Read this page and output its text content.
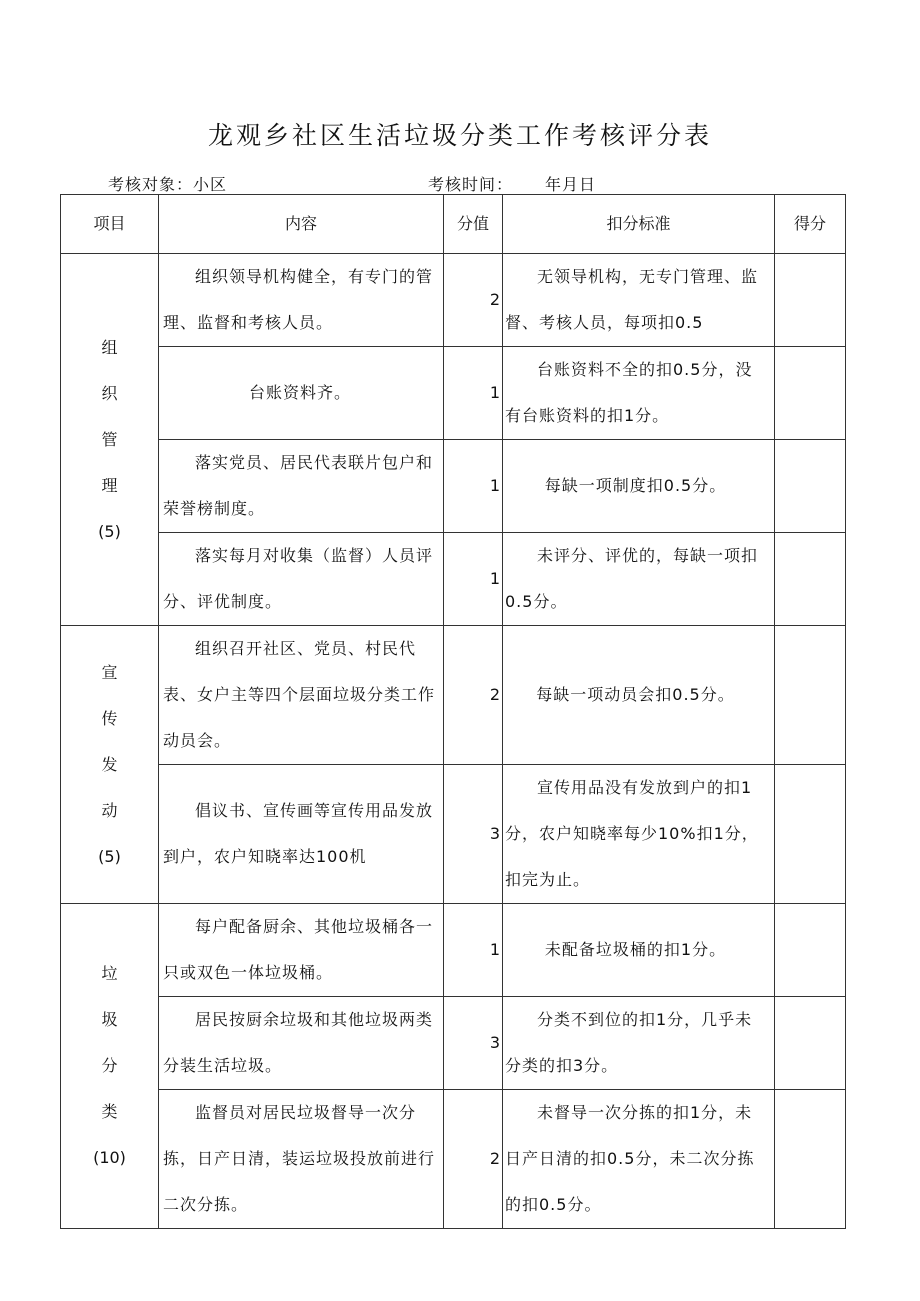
龙观乡社区生活垃圾分类工作考核评分表
考核对象：小区	考核时间： 年月日
项目	内容	分值	扣分标准	得分

组
织
管
理
(5)	组织领导机构健全，有专门的管理、监督和考核人员。	2	无领导机构，无专门管理、监督、考核人员，每项扣0.5	
	台账资料齐。	1	台账资料不全的扣0.5分，没有台账资料的扣1分。	
	落实党员、居民代表联片包户和荣誉榜制度。	1	每缺一项制度扣0.5分。	
	落实每月对收集（监督）人员评分、评优制度。	1	未评分、评优的，每缺一项扣0.5分。	

宣
传
发
动
(5)	组织召开社区、党员、村民代表、女户主等四个层面垃圾分类工作动员会。	2	每缺一项动员会扣0.5分。	
	倡议书、宣传画等宣传用品发放到户，农户知晓率达100机	3	宣传用品没有发放到户的扣1分，农户知晓率每少10%扣1分，扣完为止。	

垃
圾
分
类
(10)	每户配备厨余、其他垃圾桶各一只或双色一体垃圾桶。	1	未配备垃圾桶的扣1分。	
	居民按厨余垃圾和其他垃圾两类分装生活垃圾。	3	分类不到位的扣1分，几乎未分类的扣3分。	
	监督员对居民垃圾督导一次分拣，日产日清，装运垃圾投放前进行二次分拣。	2	未督导一次分拣的扣1分，未日产日清的扣0.5分，未二次分拣的扣0.5分。	
